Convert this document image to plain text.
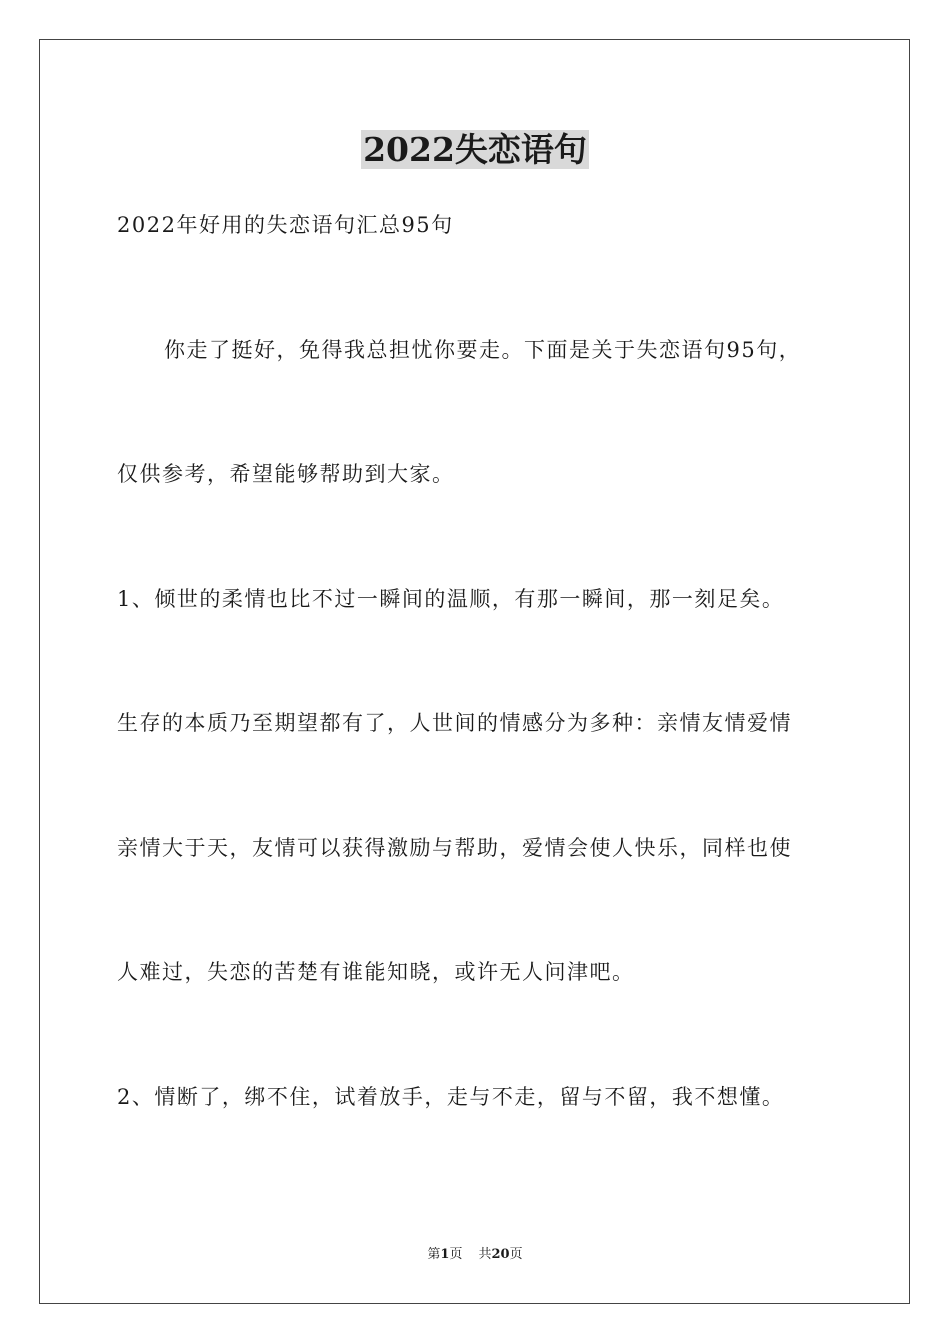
2022失恋语句
2022年好用的失恋语句汇总95句
你走了挺好，免得我总担忧你要走。下面是关于失恋语句95句，
仅供参考，希望能够帮助到大家。
1、倾世的柔情也比不过一瞬间的温顺，有那一瞬间，那一刻足矣。
生存的本质乃至期望都有了，人世间的情感分为多种：亲情友情爱情
亲情大于天，友情可以获得激励与帮助，爱情会使人快乐，同样也使
人难过，失恋的苦楚有谁能知晓，或许无人问津吧。
2、情断了，绑不住，试着放手，走与不走，留与不留，我不想懂。
第1页 共20页
